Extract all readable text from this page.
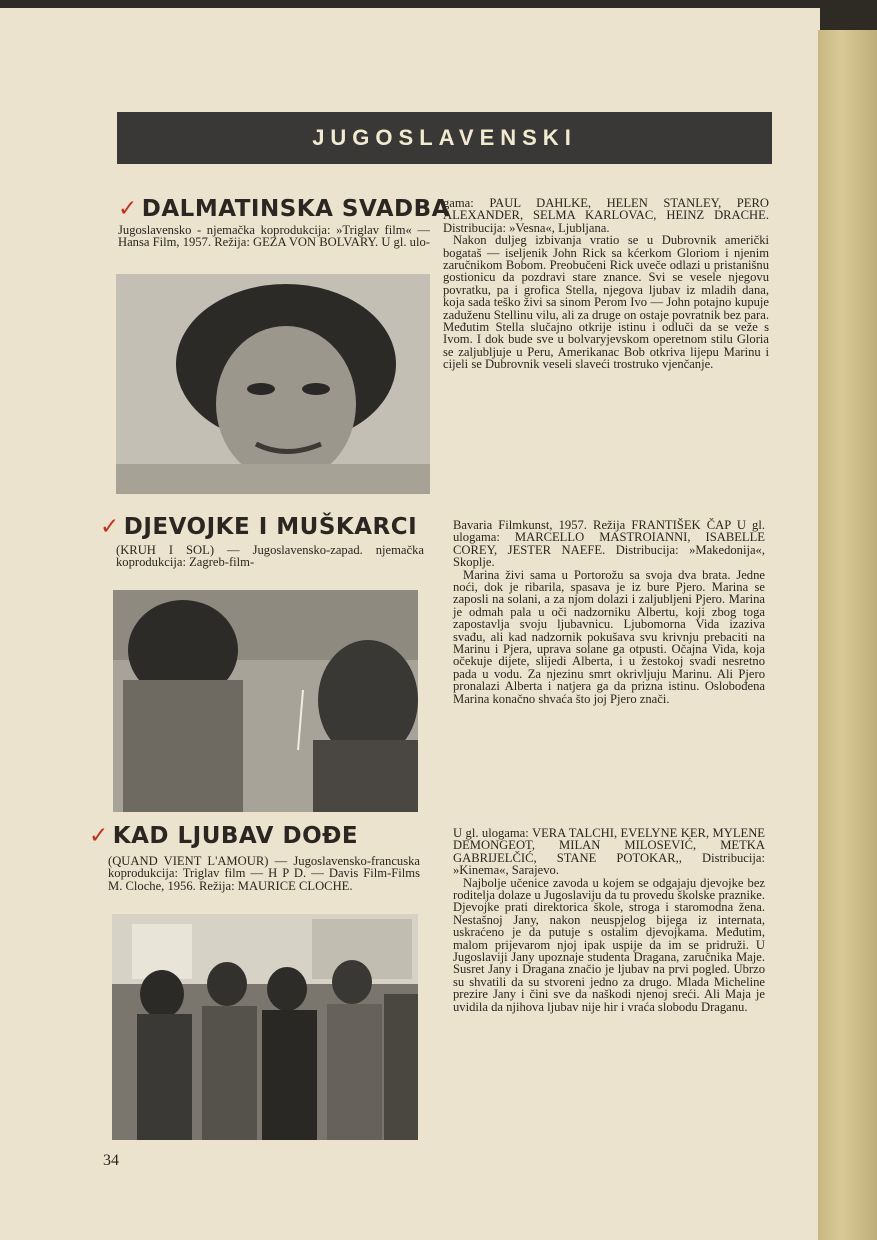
JUGOSLAVENSKI
✓ DALMATINSKA SVADBA

Jugoslavensko - njemačka koprodukcija: »Triglav film« — Hansa Film, 1957. Režija: GEZA VON BOLVARY. U gl. ulo-

gama: PAUL DAHLKE, HELEN STANLEY, PERO ALEXANDER, SELMA KARLOVAC, HEINZ DRACHE. Distribucija: »Vesna«, Ljubljana.

Nakon duljeg izbivanja vratio se u Dubrovnik američki bogataš — iseljenik John Rick sa kćerkom Gloriom i njenim zaručnikom Bobom. Preobučeni Rick uveče odlazi u pristanišnu gostionicu da pozdravi stare znance. Svi se vesele njegovu povratku, pa i grofica Stella, njegova ljubav iz mladih dana, koja sada teško živi sa sinom Perom Ivo — John potajno kupuje zaduženu Stellinu vilu, ali za druge on ostaje povratnik bez para. Međutim Stella slučajno otkrije istinu i odluči da se veže s Ivom. I dok bude sve u bolvaryjevskom operetnom stilu Gloria se zaljubljuje u Peru, Amerikanac Bob otkriva lijepu Marinu i cijeli se Dubrovnik veseli slaveći trostruko vjenčanje.

✓ DJEVOJKE I MUŠKARCI

(KRUH I SOL) — Jugoslavensko-zapad. njemačka koprodukcija: Zagreb-film-

Bavaria Filmkunst, 1957. Režija FRANTIŠEK ČAP U gl. ulogama: MARCELLO MASTROIANNI, ISABELLE COREY, JESTER NAEFE. Distribucija: »Makedonija«, Skoplje.

Marina živi sama u Portorožu sa svoja dva brata. Jedne noći, dok je ribarila, spasava je iz bure Pjero. Marina se zaposli na solani, a za njom dolazi i zaljubljeni Pjero. Marina je odmah pala u oči nadzorniku Albertu, koji zbog toga zapostavlja svoju ljubavnicu. Ljubomorna Vida izaziva svađu, ali kad nadzornik pokušava svu krivnju prebaciti na Marinu i Pjera, uprava solane ga otpusti. Očajna Vida, koja očekuje dijete, slijedi Alberta, i u žestokoj svadi nesretno pada u vodu. Za njezinu smrt okrivljuju Marinu. Ali Pjero pronalazi Alberta i natjera ga da prizna istinu. Oslobođena Marina konačno shvaća što joj Pjero znači.

✓ KAD LJUBAV DOĐE

(QUAND VIENT L'AMOUR) — Jugoslavensko-francuska koprodukcija: Triglav film — H P D. — Davis Film-Films M. Cloche, 1956. Režija: MAURICE CLOCHE.

U gl. ulogama: VERA TALCHI, EVELYNE KER, MYLENE DEMONGEOT, MILAN MILOSEVIĆ, METKA GABRIJELČIĆ, STANE POTOKAR,, Distribucija: »Kinema«, Sarajevo.

Najbolje učenice zavoda u kojem se odgajaju djevojke bez roditelja dolaze u Jugoslaviju da tu provedu školske praznike. Djevojke prati direktorica škole, stroga i staromodna žena. Nestašnoj Jany, nakon neuspjelog bijega iz internata, uskraćeno je da putuje s ostalim djevojkama. Međutim, malom prijevarom njoj ipak uspije da im se pridruži. U Jugoslaviji Jany upoznaje studenta Dragana, zaručnika Maje. Susret Jany i Dragana značio je ljubav na prvi pogled. Ubrzo su shvatili da su stvoreni jedno za drugo. Mlada Micheline prezire Jany i čini sve da naškodi njenoj sreći. Ali Maja je uvidila da njihova ljubav nije hir i vraća slobodu Draganu.

34
